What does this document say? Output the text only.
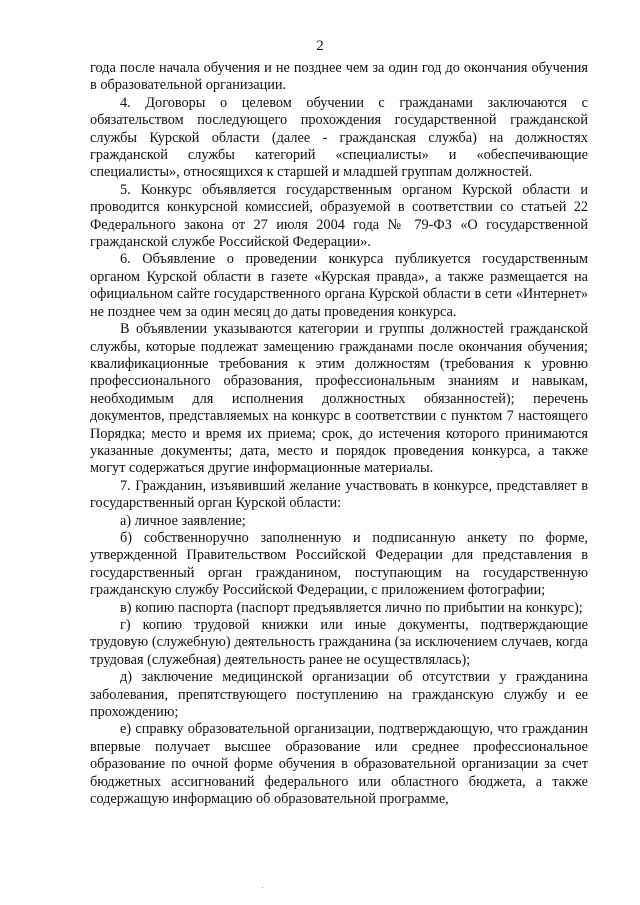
2

года после начала обучения и не позднее чем за один год до окончания обучения в образовательной организации.

4. Договоры о целевом обучении с гражданами заключаются с обязательством последующего прохождения государственной гражданской службы Курской области (далее - гражданская служба) на должностях гражданской службы категорий «специалисты» и «обеспечивающие специалисты», относящихся к старшей и младшей группам должностей.

5. Конкурс объявляется государственным органом Курской области и проводится конкурсной комиссией, образуемой в соответствии со статьей 22 Федерального закона от 27 июля 2004 года № 79-ФЗ «О государственной гражданской службе Российской Федерации».

6. Объявление о проведении конкурса публикуется государственным органом Курской области в газете «Курская правда», а также размещается на официальном сайте государственного органа Курской области в сети «Интернет» не позднее чем за один месяц до даты проведения конкурса.

В объявлении указываются категории и группы должностей гражданской службы, которые подлежат замещению гражданами после окончания обучения; квалификационные требования к этим должностям (требования к уровню профессионального образования, профессиональным знаниям и навыкам, необходимым для исполнения должностных обязанностей); перечень документов, представляемых на конкурс в соответствии с пунктом 7 настоящего Порядка; место и время их приема; срок, до истечения которого принимаются указанные документы; дата, место и порядок проведения конкурса, а также могут содержаться другие информационные материалы.

7. Гражданин, изъявивший желание участвовать в конкурсе, представляет в государственный орган Курской области:

а) личное заявление;

б) собственноручно заполненную и подписанную анкету по форме, утвержденной Правительством Российской Федерации для представления в государственный орган гражданином, поступающим на государственную гражданскую службу Российской Федерации, с приложением фотографии;

в) копию паспорта (паспорт предъявляется лично по прибытии на конкурс);

г) копию трудовой книжки или иные документы, подтверждающие трудовую (служебную) деятельность гражданина (за исключением случаев, когда трудовая (служебная) деятельность ранее не осуществлялась);

д) заключение медицинской организации об отсутствии у гражданина заболевания, препятствующего поступлению на гражданскую службу и ее прохождению;

е) справку образовательной организации, подтверждающую, что гражданин впервые получает высшее образование или среднее профессиональное образование по очной форме обучения в образовательной организации за счет бюджетных ассигнований федерального или областного бюджета, а также содержащую информацию об образовательной программе,
